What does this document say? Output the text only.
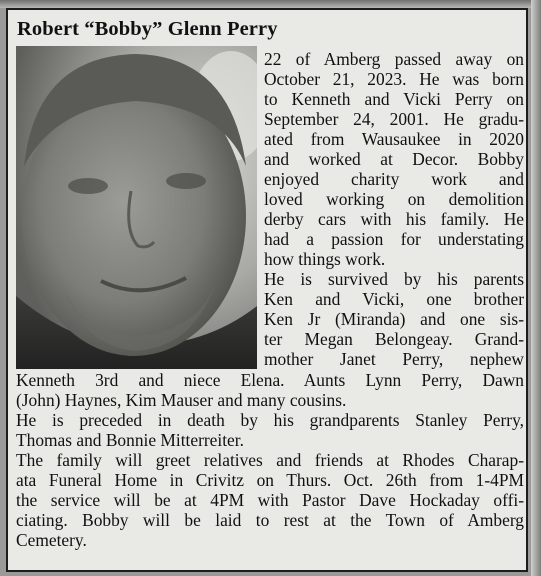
Robert “Bobby” Glenn Perry
22 of Amberg passed away on
October 21, 2023. He was born
to Kenneth and Vicki Perry on
September 24, 2001. He gradu-
ated from Wausaukee in 2020
and worked at Decor. Bobby
enjoyed charity work and
loved working on demolition
derby cars with his family. He
had a passion for understating
how things work.
He is survived by his parents
Ken and Vicki, one brother
Ken Jr (Miranda) and one sis-
ter Megan Belongeay. Grand-
mother Janet Perry, nephew
Kenneth 3rd and niece Elena. Aunts Lynn Perry, Dawn
(John) Haynes, Kim Mauser and many cousins.
He is preceded in death by his grandparents Stanley Perry,
Thomas and Bonnie Mitterreiter.
The family will greet relatives and friends at Rhodes Charap-
ata Funeral Home in Crivitz on Thurs. Oct. 26th from 1-4PM
the service will be at 4PM with Pastor Dave Hockaday offi-
ciating. Bobby will be laid to rest at the Town of Amberg
Cemetery.
